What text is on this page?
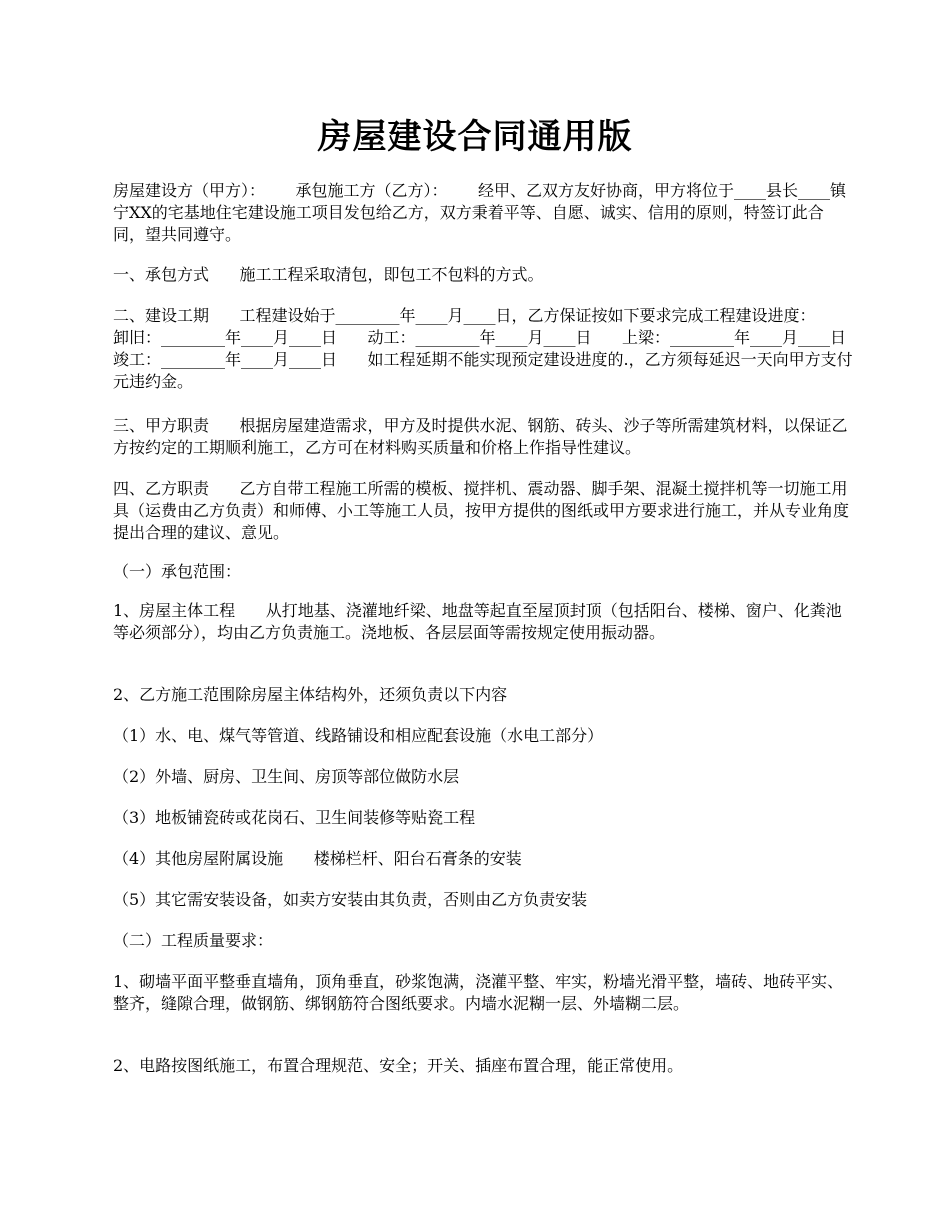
房屋建设合同通用版
房屋建设方（甲方）：      承包施工方（乙方）：      经甲、乙双方友好协商，甲方将位于____县长____镇宁XX的宅基地住宅建设施工项目发包给乙方，双方秉着平等、自愿、诚实、信用的原则，特签订此合同，望共同遵守。
一、承包方式      施工工程采取清包，即包工不包料的方式。
二、建设工期      工程建设始于________年____月____日，乙方保证按如下要求完成工程建设进度：      卸旧：________年____月____日      动工：________年____月____日      上梁：________年____月____日      竣工：________年____月____日      如工程延期不能实现预定建设进度的.，乙方须每延迟一天向甲方支付 元违约金。
三、甲方职责      根据房屋建造需求，甲方及时提供水泥、钢筋、砖头、沙子等所需建筑材料，以保证乙方按约定的工期顺利施工，乙方可在材料购买质量和价格上作指导性建议。
四、乙方职责      乙方自带工程施工所需的模板、搅拌机、震动器、脚手架、混凝土搅拌机等一切施工用具（运费由乙方负责）和师傅、小工等施工人员，按甲方提供的图纸或甲方要求进行施工，并从专业角度提出合理的建议、意见。
（一）承包范围：
1、房屋主体工程      从打地基、浇灌地纤梁、地盘等起直至屋顶封顶（包括阳台、楼梯、窗户、化粪池等必须部分），均由乙方负责施工。浇地板、各层层面等需按规定使用振动器。
2、乙方施工范围除房屋主体结构外，还须负责以下内容
（1）水、电、煤气等管道、线路铺设和相应配套设施（水电工部分）
（2）外墙、厨房、卫生间、房顶等部位做防水层
（3）地板铺瓷砖或花岗石、卫生间装修等贴瓷工程
（4）其他房屋附属设施      楼梯栏杆、阳台石膏条的安装
（5）其它需安装设备，如卖方安装由其负责，否则由乙方负责安装
（二）工程质量要求：
1、砌墙平面平整垂直墙角，顶角垂直，砂浆饱满，浇灌平整、牢实，粉墙光滑平整，墙砖、地砖平实、整齐，缝隙合理，做钢筋、绑钢筋符合图纸要求。内墙水泥糊一层、外墙糊二层。
2、电路按图纸施工，布置合理规范、安全；开关、插座布置合理，能正常使用。
